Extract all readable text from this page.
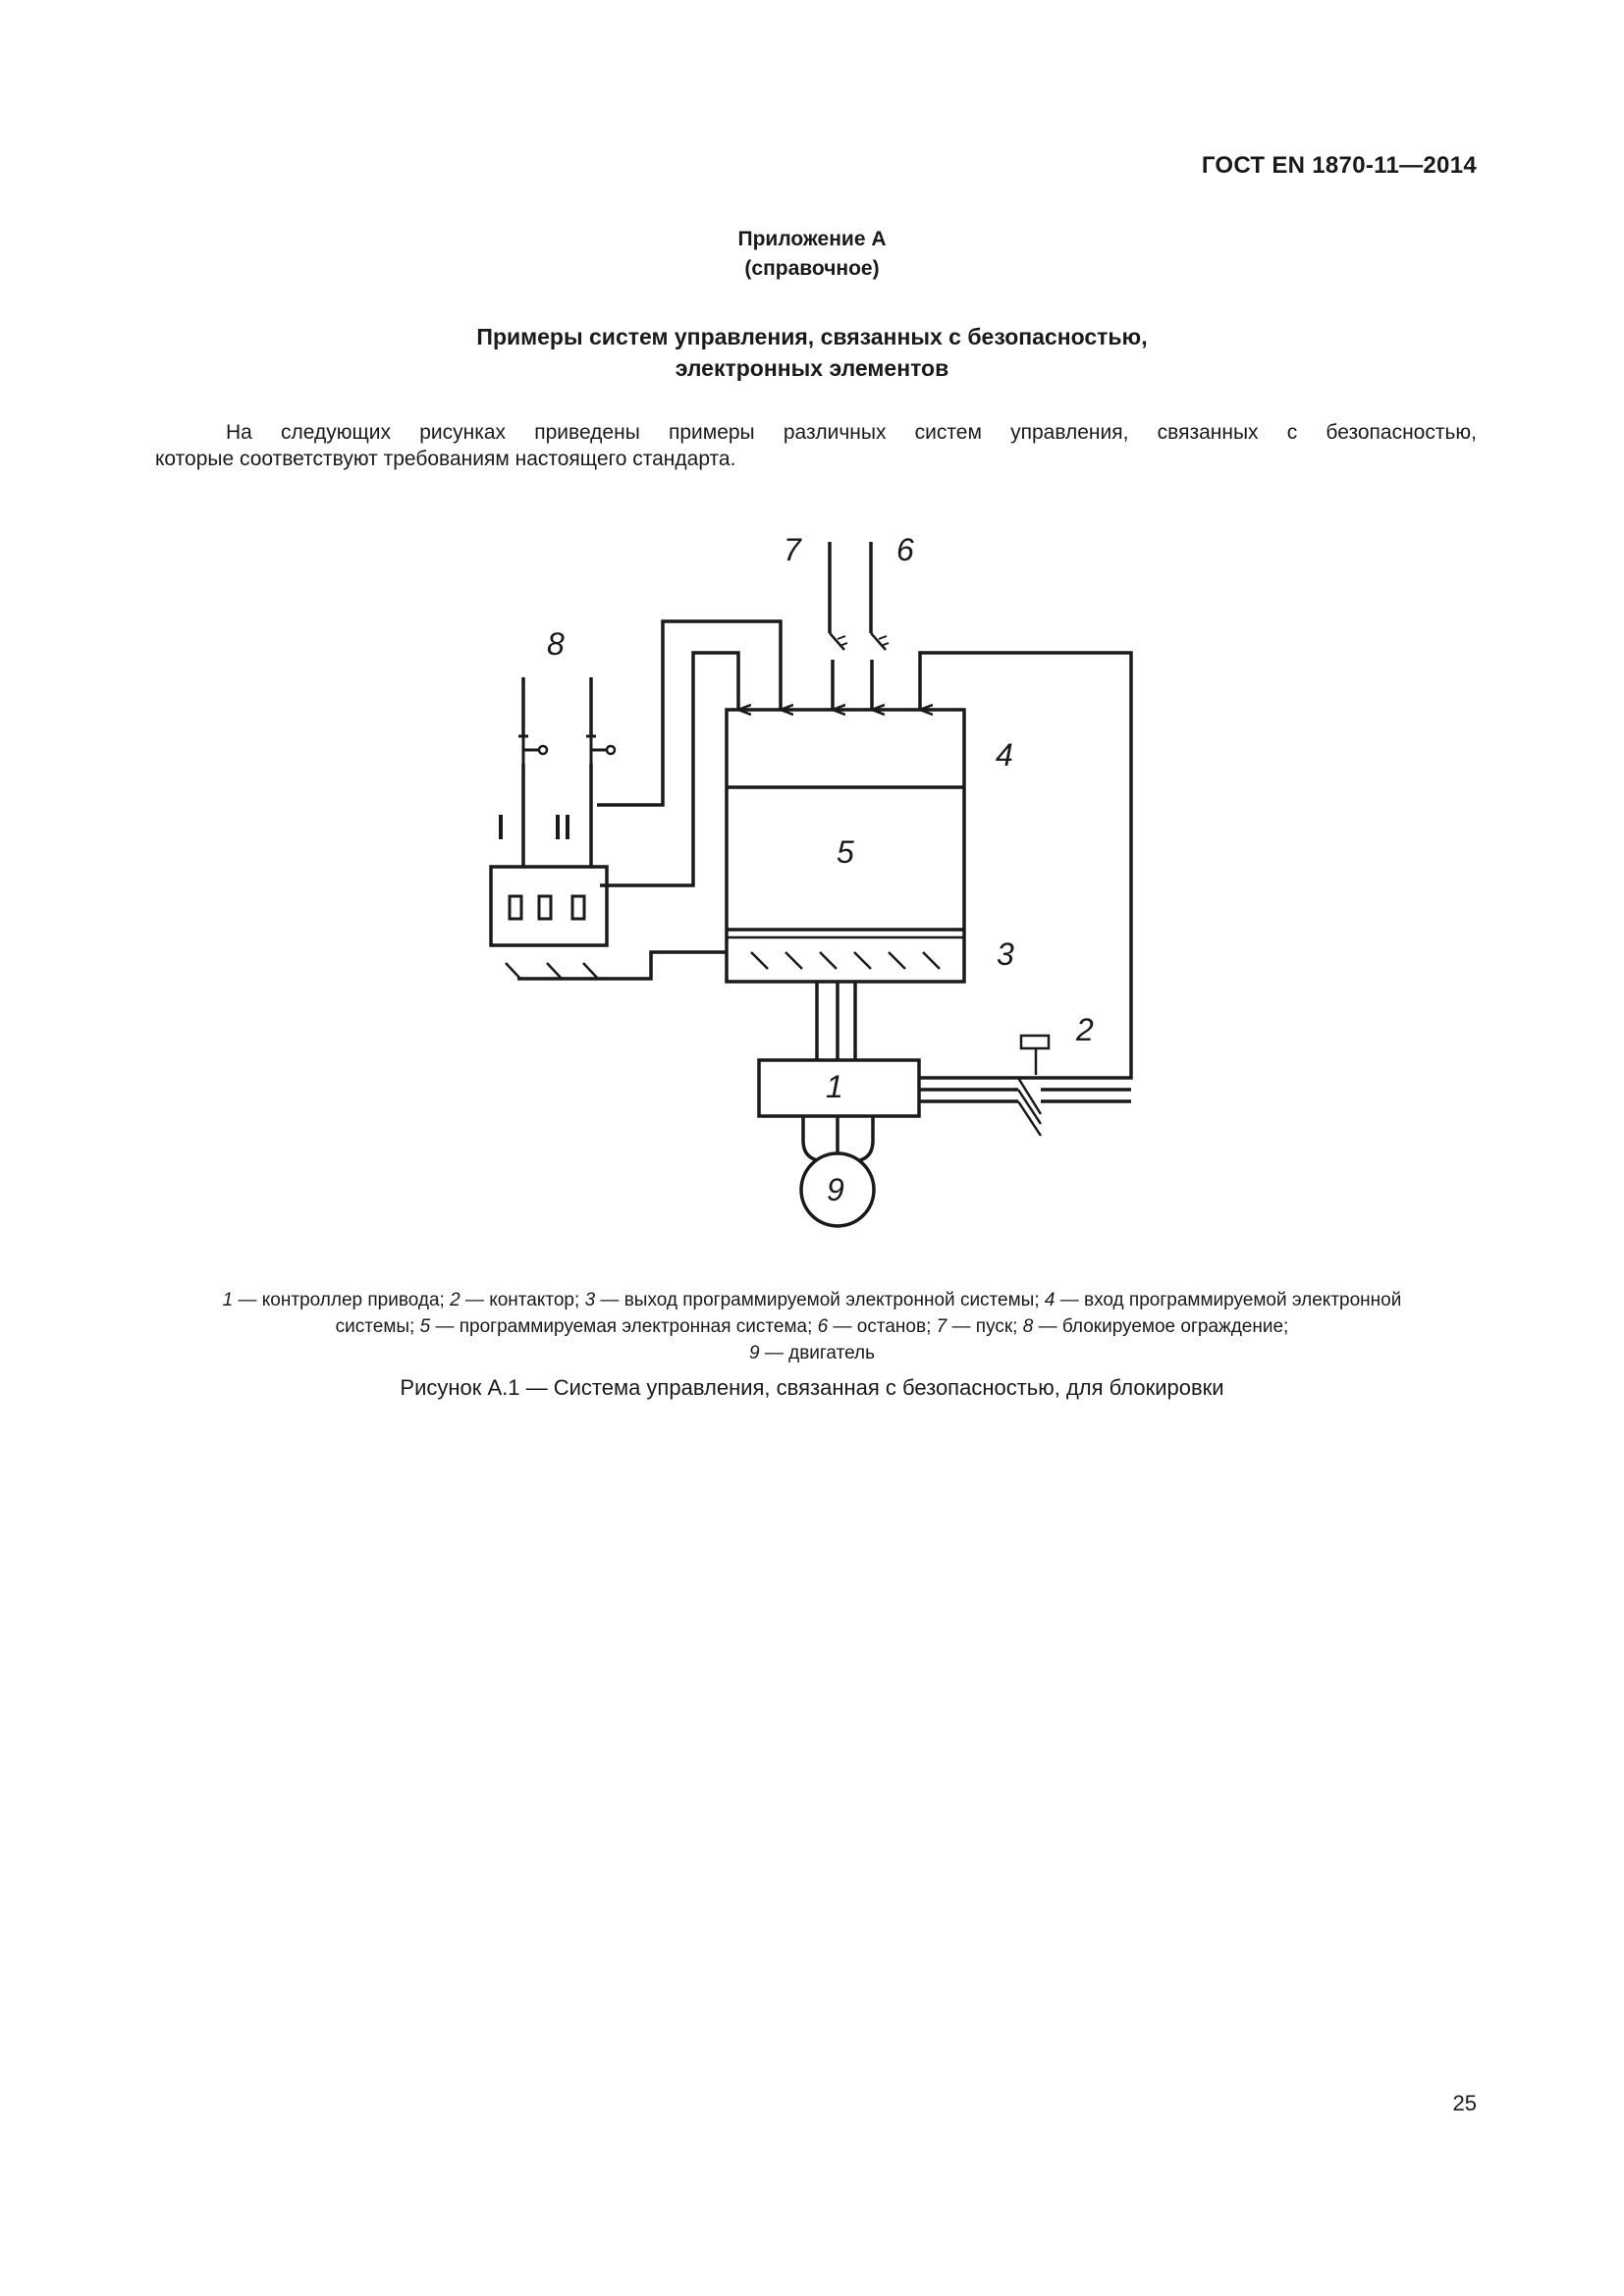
ГОСТ EN 1870-11—2014
Приложение А
(справочное)
Примеры систем управления, связанных с безопасностью,
электронных элементов
На следующих рисунках приведены примеры различных систем управления, связанных с безопасностью,
которые соответствуют требованиям настоящего стандарта.
7	6
8
4
5
3
2
1
9
1 — контроллер привода; 2 — контактор; 3 — выход программируемой электронной системы; 4 — вход программируемой электронной системы; 5 — программируемая электронная система; 6 — останов; 7 — пуск; 8 — блокируемое ограждение;
9 — двигатель
Рисунок А.1 — Система управления, связанная с безопасностью, для блокировки
25
